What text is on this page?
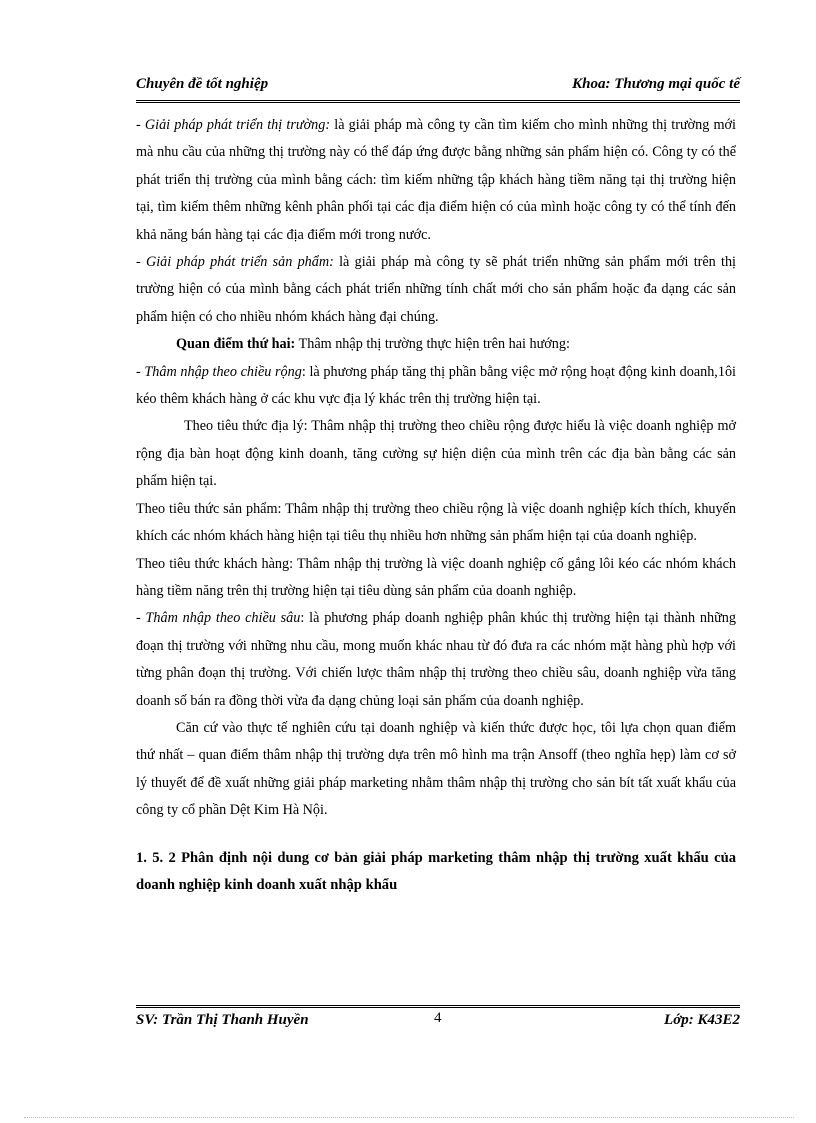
Chuyên đề tốt nghiệp	Khoa: Thương mại quốc tế

- Giải pháp phát triển thị trường: là giải pháp mà công ty cần tìm kiếm cho mình những thị trường mới mà nhu cầu của những thị trường này có thể đáp ứng được bằng những sản phẩm hiện có. Công ty có thể phát triển thị trường của mình bằng cách: tìm kiếm những tập khách hàng tiềm năng tại thị trường hiện tại, tìm kiếm thêm những kênh phân phối tại các địa điểm hiện có của mình hoặc công ty có thể tính đến khả năng bán hàng tại các địa điểm mới trong nước.

- Giải pháp phát triển sản phẩm: là giải pháp mà công ty sẽ phát triển những sản phẩm mới trên thị trường hiện có của mình bằng cách phát triển những tính chất mới cho sản phẩm hoặc đa dạng các sản phẩm hiện có cho nhiều nhóm khách hàng đại chúng.

Quan điểm thứ hai: Thâm nhập thị trường thực hiện trên hai hướng:

- Thâm nhập theo chiều rộng: là phương pháp tăng thị phần bằng việc mở rộng hoạt động kinh doanh,1ôi kéo thêm khách hàng ở các khu vực địa lý khác trên thị trường hiện tại.

Theo tiêu thức địa lý: Thâm nhập thị trường theo chiều rộng được hiểu là việc doanh nghiệp mở rộng địa bàn hoạt động kinh doanh, tăng cường sự hiện diện của mình trên các địa bàn bằng các sản phẩm hiện tại.

Theo tiêu thức sản phẩm: Thâm nhập thị trường theo chiều rộng là việc doanh nghiệp kích thích, khuyến khích các nhóm khách hàng hiện tại tiêu thụ nhiều hơn những sản phẩm hiện tại của doanh nghiệp.

Theo tiêu thức khách hàng: Thâm nhập thị trường là việc doanh nghiệp cố gắng lôi kéo các nhóm khách hàng tiềm năng trên thị trường hiện tại tiêu dùng sản phẩm của doanh nghiệp.

- Thâm nhập theo chiều sâu: là phương pháp doanh nghiệp phân khúc thị trường hiện tại thành những đoạn thị trường với những nhu cầu, mong muốn khác nhau từ đó đưa ra các nhóm mặt hàng phù hợp với từng phân đoạn thị trường. Với chiến lược thâm nhập thị trường theo chiều sâu, doanh nghiệp vừa tăng doanh số bán ra đồng thời vừa đa dạng chủng loại sản phẩm của doanh nghiệp.

Căn cứ vào thực tế nghiên cứu tại doanh nghiệp và kiến thức được học, tôi lựa chọn quan điểm thứ nhất – quan điểm thâm nhập thị trường dựa trên mô hình ma trận Ansoff (theo nghĩa hẹp) làm cơ sở lý thuyết để đề xuất những giải pháp marketing nhằm thâm nhập thị trường cho sản bít tất xuất khẩu của công ty cổ phần Dệt Kim Hà Nội.

1. 5. 2 Phân định nội dung cơ bản giải pháp marketing thâm nhập thị trường xuất khẩu của doanh nghiệp kinh doanh xuất nhập khẩu

SV: Trần Thị Thanh Huyền	4	Lớp: K43E2
